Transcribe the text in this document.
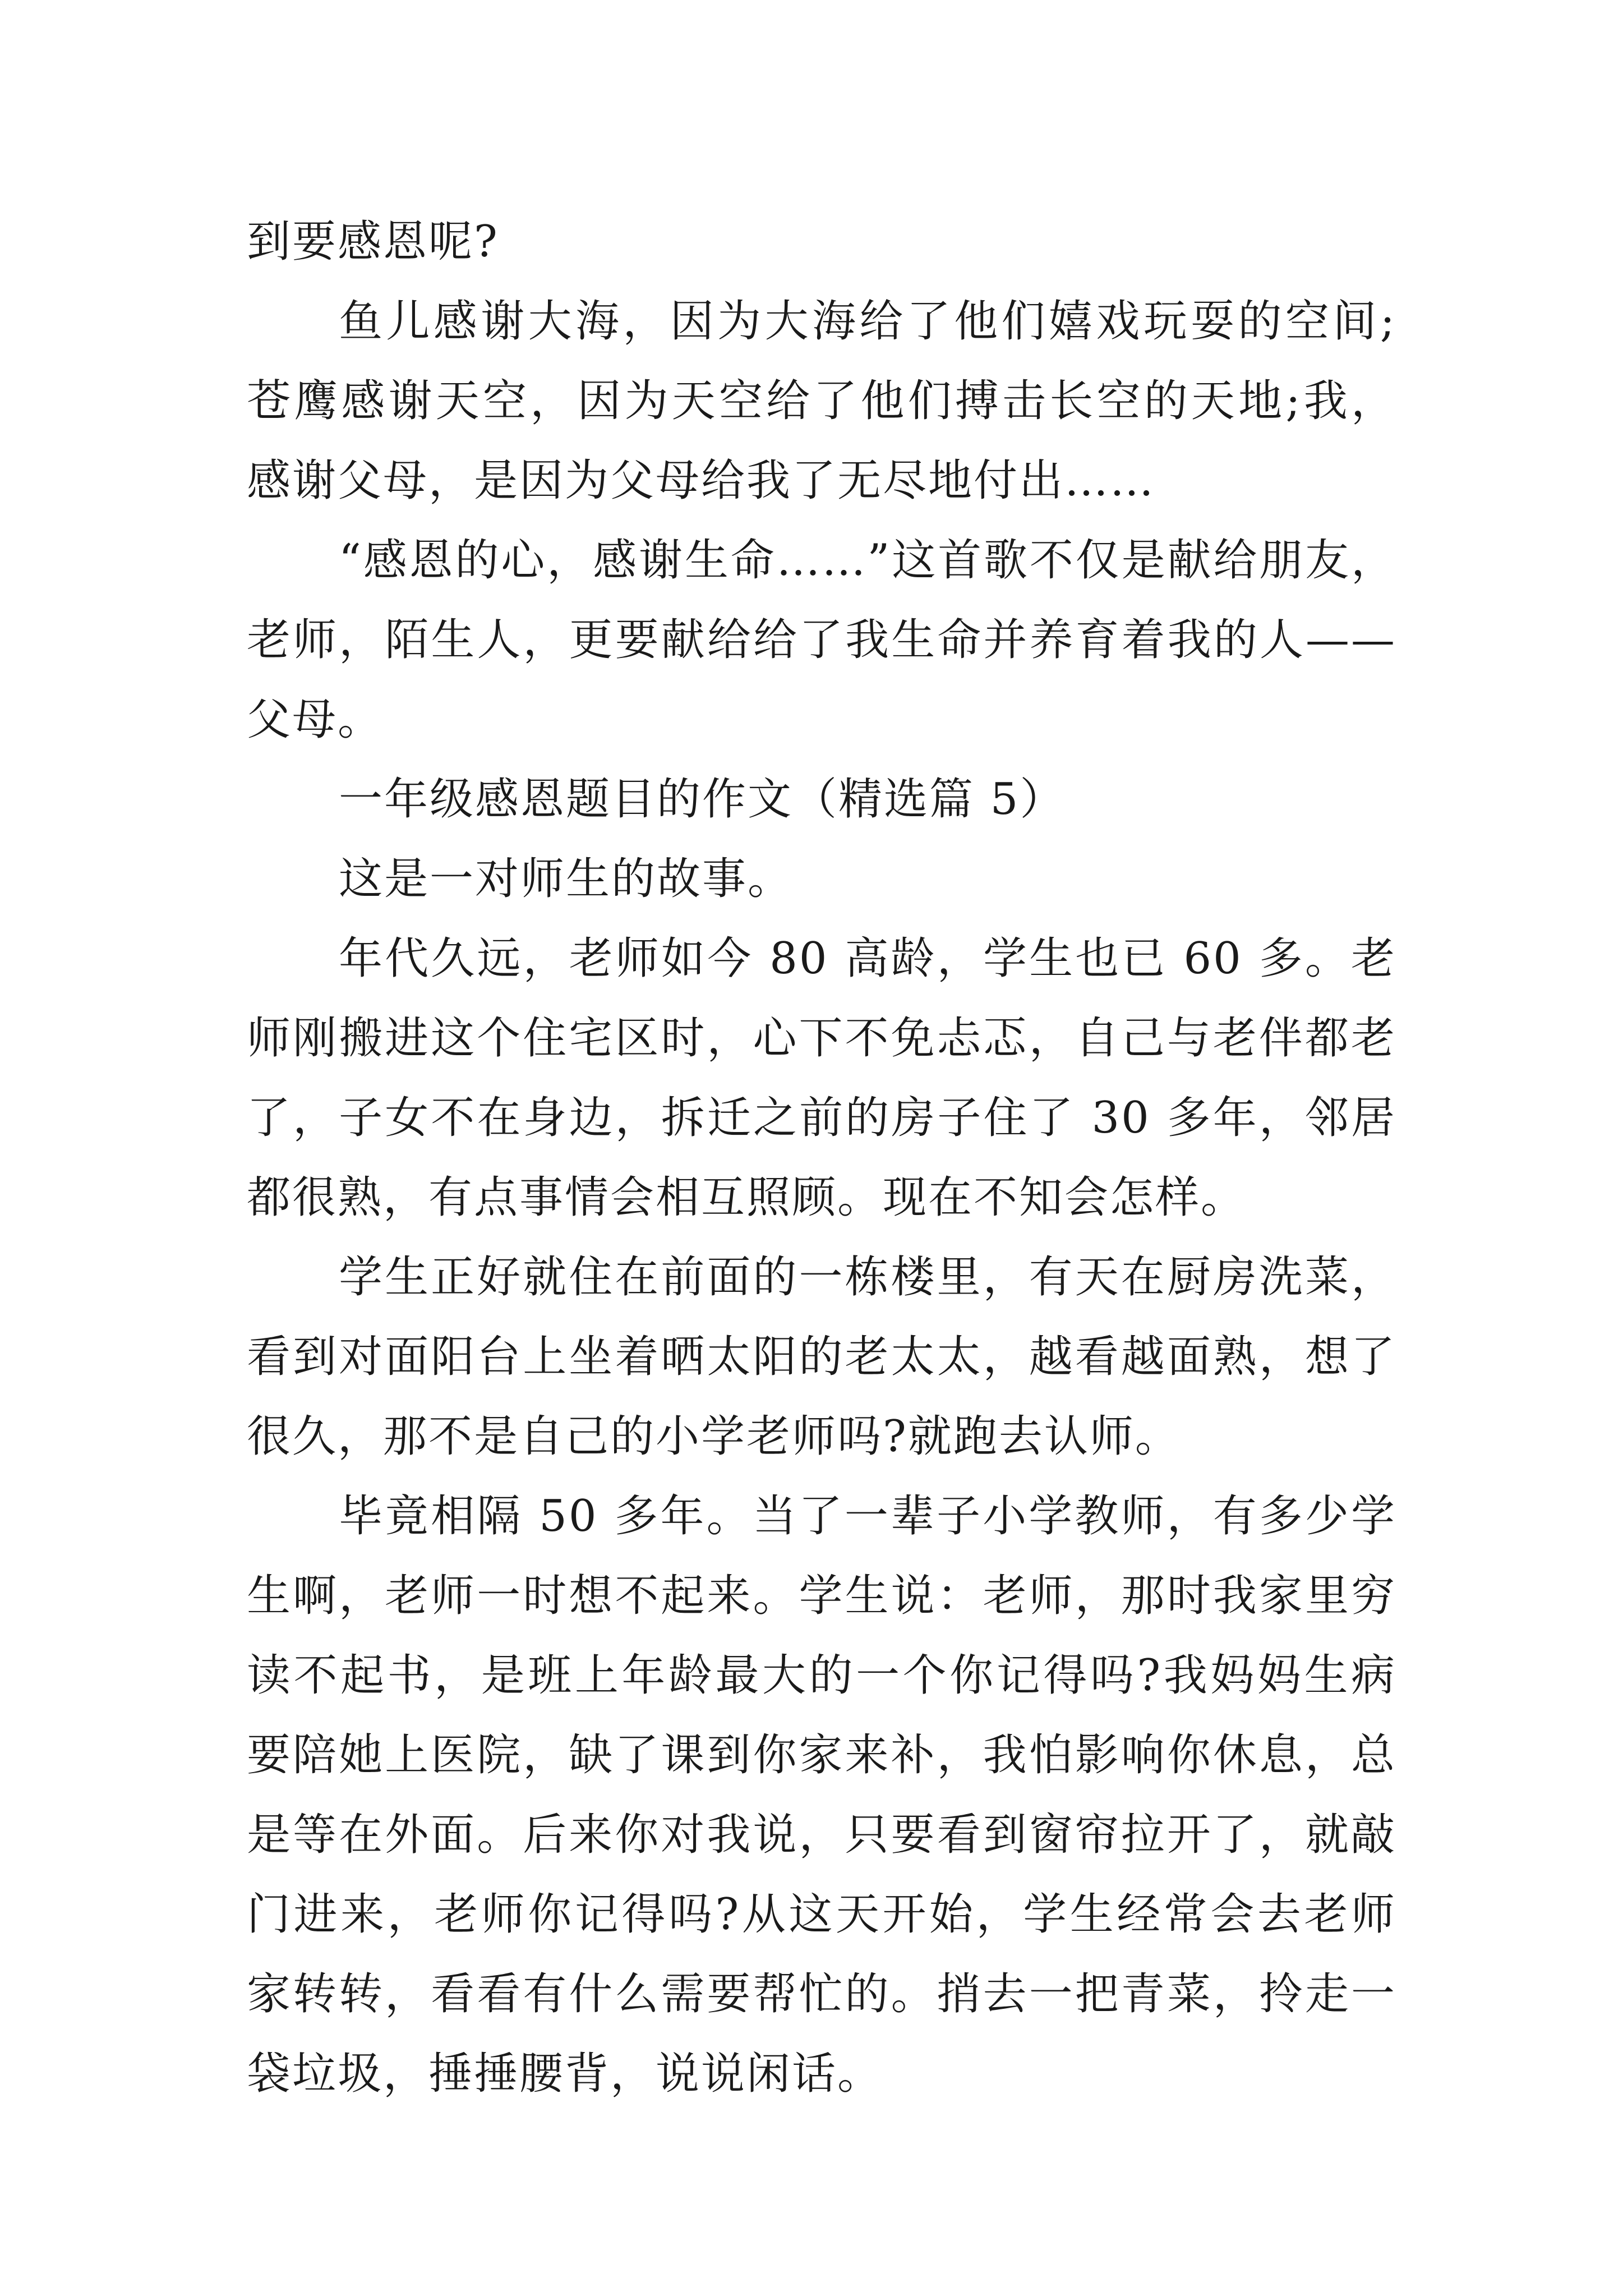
到要感恩呢?

鱼儿感谢大海，因为大海给了他们嬉戏玩耍的空间;苍鹰感谢天空，因为天空给了他们搏击长空的天地;我，感谢父母，是因为父母给我了无尽地付出……

“感恩的心，感谢生命……”这首歌不仅是献给朋友，老师，陌生人，更要献给给了我生命并养育着我的人——父母。

一年级感恩题目的作文（精选篇 5）

这是一对师生的故事。

年代久远，老师如今 80 高龄，学生也已 60 多。老师刚搬进这个住宅区时，心下不免忐忑，自己与老伴都老了，子女不在身边，拆迁之前的房子住了 30 多年，邻居都很熟，有点事情会相互照顾。现在不知会怎样。

学生正好就住在前面的一栋楼里，有天在厨房洗菜，看到对面阳台上坐着晒太阳的老太太，越看越面熟，想了很久，那不是自己的小学老师吗?就跑去认师。

毕竟相隔 50 多年。当了一辈子小学教师，有多少学生啊，老师一时想不起来。学生说：老师，那时我家里穷读不起书，是班上年龄最大的一个你记得吗?我妈妈生病要陪她上医院，缺了课到你家来补，我怕影响你休息，总是等在外面。后来你对我说，只要看到窗帘拉开了，就敲门进来，老师你记得吗?从这天开始，学生经常会去老师家转转，看看有什么需要帮忙的。捎去一把青菜，拎走一袋垃圾，捶捶腰背，说说闲话。
